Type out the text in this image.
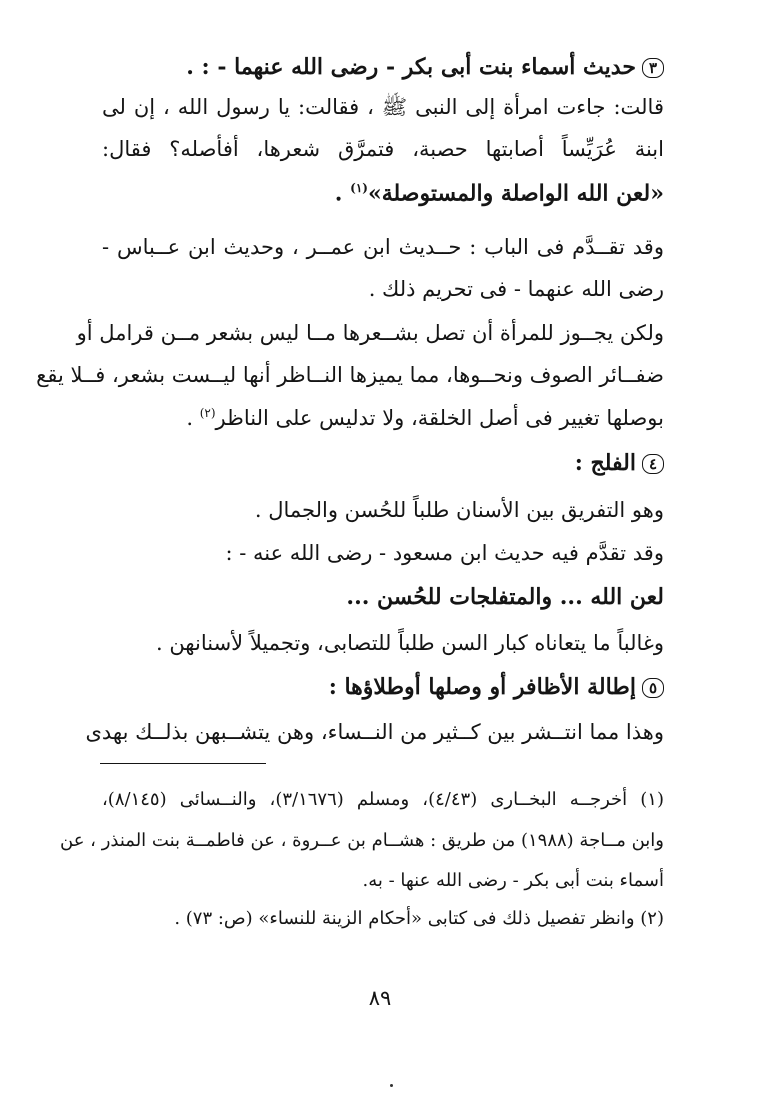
٣حديث أسماء بنت أبى بكر - رضى الله عنهما - : .
قالت: جاءت امرأة إلى النبى ﷺ ، فقالت: يا رسول الله ، إن لى
ابنة عُرَيِّساً أصابتها حصبة، فتمرَّق شعرها، أفأصله؟ فقال:
«لعن الله الواصلة والمستوصلة»$^{(١)}$ .
وقد تقــدَّم فى الباب : حــديث ابن عمــر ، وحديث ابن عــباس -
رضى الله عنهما - فى تحريم ذلك .
ولكن يجــوز للمرأة أن تصل بشــعرها مــا ليس بشعر مــن قرامل أو
ضفــائر الصوف ونحــوها، مما يميزها النــاظر أنها ليــست بشعر، فــلا يقع
بوصلها تغيير فى أصل الخلقة، ولا تدليس على الناظر$^{(٢)}$ .
٤الفلج :
وهو التفريق بين الأسنان طلباً للحُسن والجمال .
وقد تقدَّم فيه حديث ابن مسعود - رضى الله عنه - :
لعن الله ... والمتفلجات للحُسن ...
وغالباً ما يتعاناه كبار السن طلباً للتصابى، وتجميلاً لأسنانهن .
٥إطالة الأظافر أو وصلها أوطلاؤها :
وهذا مما انتــشر بين كــثير من النــساء، وهن يتشــبهن بذلــك بهدى
(١) أخرجــه البخــارى (٤/٤٣)، ومسلم (٣/١٦٧٦)، والنــسائى (٨/١٤٥)،
وابن مــاجة (١٩٨٨) من طريق : هشــام بن عــروة ، عن فاطمــة بنت المنذر ، عن
أسماء بنت أبى بكر - رضى الله عنها - به.
(٢) وانظر تفصيل ذلك فى كتابى «أحكام الزينة للنساء» (ص: ٧٣) .
٨٩
